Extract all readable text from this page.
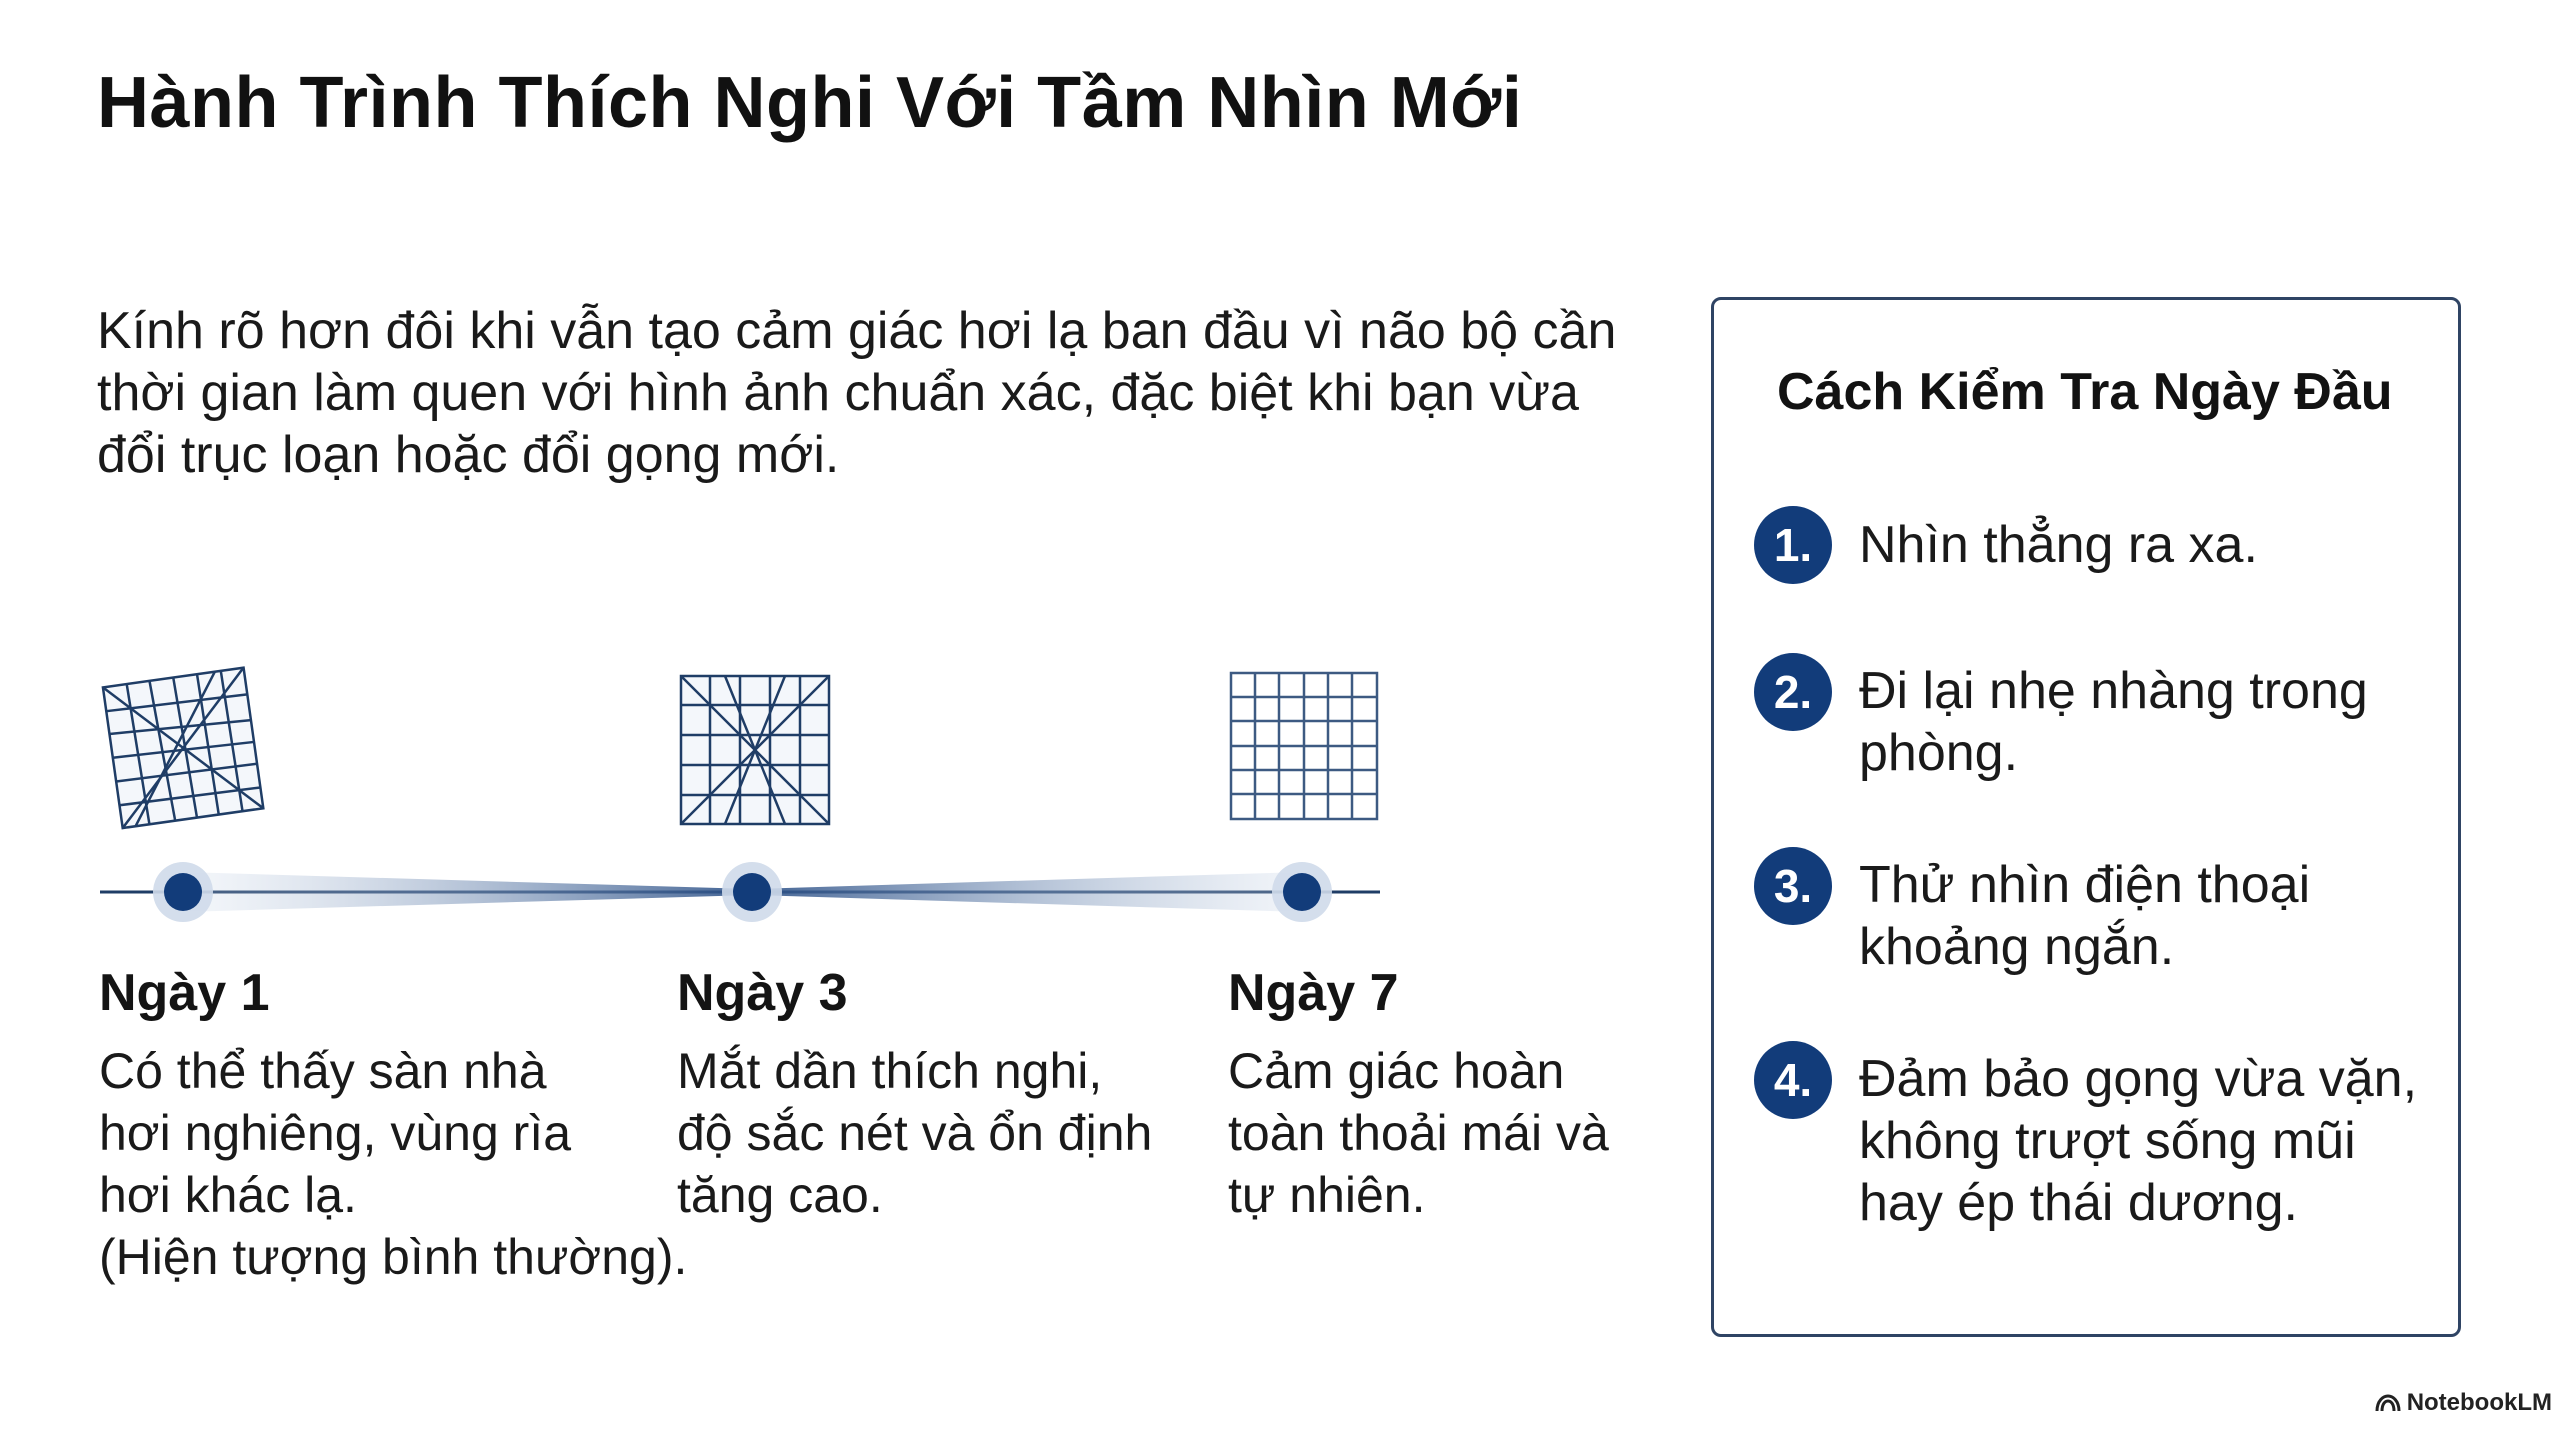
Hành Trình Thích Nghi Với Tầm Nhìn Mới
Kính rõ hơn đôi khi vẫn tạo cảm giác hơi lạ ban đầu vì não bộ cần thời gian làm quen với hình ảnh chuẩn xác, đặc biệt khi bạn vừa đổi trục loạn hoặc đổi gọng mới.
Ngày 1
Có thể thấy sàn nhà
hơi nghiêng, vùng rìa
hơi khác lạ.
(Hiện tượng bình thường).
Ngày 3
Mắt dần thích nghi,
độ sắc nét và ổn định
tăng cao.
Ngày 7
Cảm giác hoàn
toàn thoải mái và
tự nhiên.
Cách Kiểm Tra Ngày Đầu
1. Nhìn thẳng ra xa.
2. Đi lại nhẹ nhàng trong phòng.
3. Thử nhìn điện thoại khoảng ngắn.
4. Đảm bảo gọng vừa vặn, không trượt sống mũi hay ép thái dương.
NotebookLM
